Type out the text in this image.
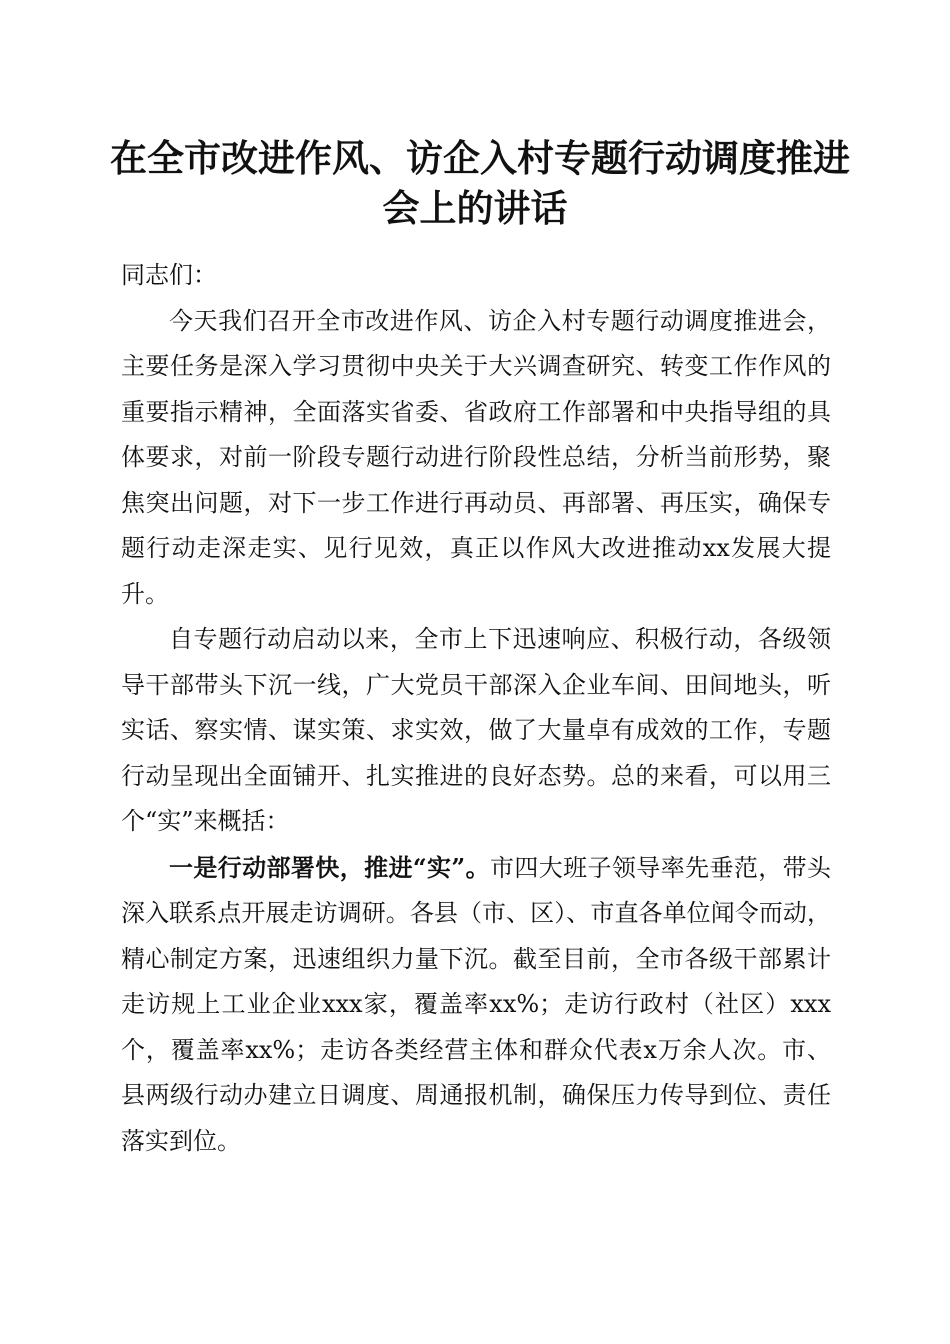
在全市改进作风、访企入村专题行动调度推进
会上的讲话

同志们：

今天我们召开全市改进作风、访企入村专题行动调度推进会，主要任务是深入学习贯彻中央关于大兴调查研究、转变工作作风的重要指示精神，全面落实省委、省政府工作部署和中央指导组的具体要求，对前一阶段专题行动进行阶段性总结，分析当前形势，聚焦突出问题，对下一步工作进行再动员、再部署、再压实，确保专题行动走深走实、见行见效，真正以作风大改进推动xx发展大提升。

自专题行动启动以来，全市上下迅速响应、积极行动，各级领导干部带头下沉一线，广大党员干部深入企业车间、田间地头，听实话、察实情、谋实策、求实效，做了大量卓有成效的工作，专题行动呈现出全面铺开、扎实推进的良好态势。总的来看，可以用三个“实”来概括：

一是行动部署快，推进“实”。市四大班子领导率先垂范，带头深入联系点开展走访调研。各县（市、区）、市直各单位闻令而动，精心制定方案，迅速组织力量下沉。截至目前，全市各级干部累计走访规上工业企业xxx家，覆盖率xx%；走访行政村（社区）xxx个，覆盖率xx%；走访各类经营主体和群众代表x万余人次。市、县两级行动办建立日调度、周通报机制，确保压力传导到位、责任落实到位。
